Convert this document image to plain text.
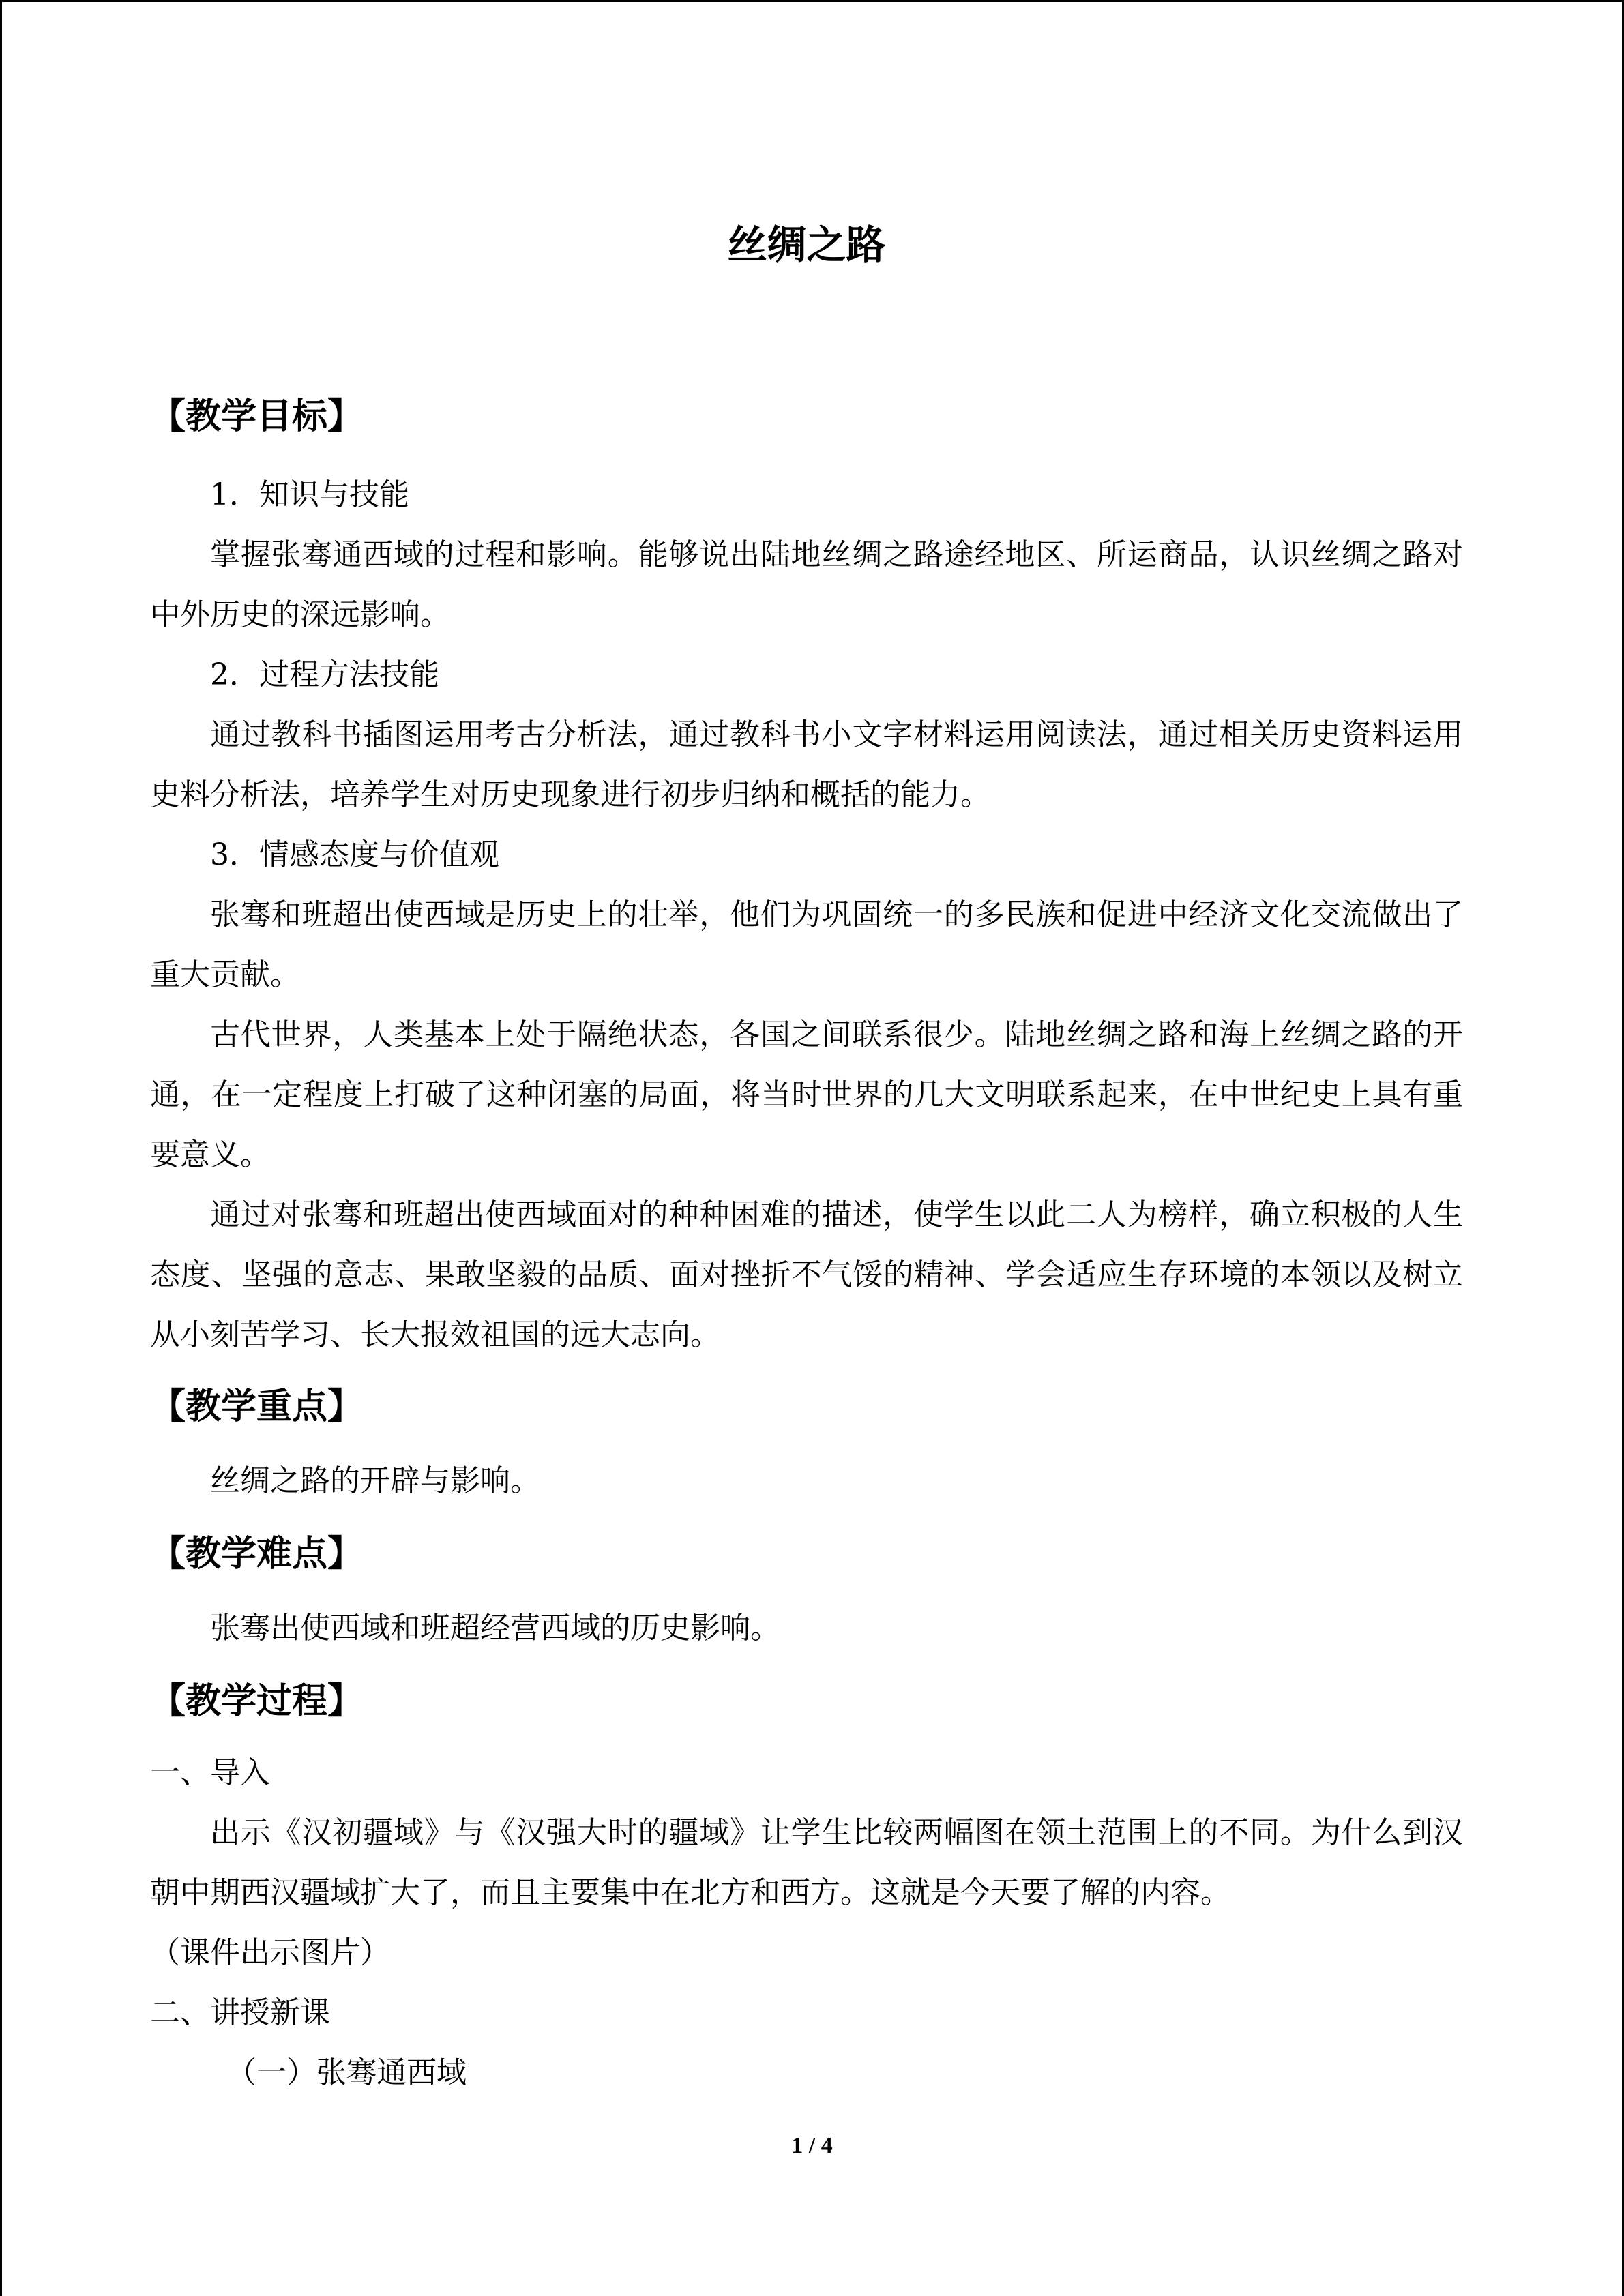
丝绸之路
【教学目标】
1．知识与技能
掌握张骞通西域的过程和影响。能够说出陆地丝绸之路途经地区、所运商品，认识丝绸之路对中外历史的深远影响。
2．过程方法技能
通过教科书插图运用考古分析法，通过教科书小文字材料运用阅读法，通过相关历史资料运用史料分析法，培养学生对历史现象进行初步归纳和概括的能力。
3．情感态度与价值观
张骞和班超出使西域是历史上的壮举，他们为巩固统一的多民族和促进中经济文化交流做出了重大贡献。
古代世界，人类基本上处于隔绝状态，各国之间联系很少。陆地丝绸之路和海上丝绸之路的开通，在一定程度上打破了这种闭塞的局面，将当时世界的几大文明联系起来，在中世纪史上具有重要意义。
通过对张骞和班超出使西域面对的种种困难的描述，使学生以此二人为榜样，确立积极的人生态度、坚强的意志、果敢坚毅的品质、面对挫折不气馁的精神、学会适应生存环境的本领以及树立从小刻苦学习、长大报效祖国的远大志向。
【教学重点】
丝绸之路的开辟与影响。
【教学难点】
张骞出使西域和班超经营西域的历史影响。
【教学过程】
一、导入
出示《汉初疆域》与《汉强大时的疆域》让学生比较两幅图在领土范围上的不同。为什么到汉朝中期西汉疆域扩大了，而且主要集中在北方和西方。这就是今天要了解的内容。
（课件出示图片）
二、讲授新课
（一）张骞通西域
1 / 4
